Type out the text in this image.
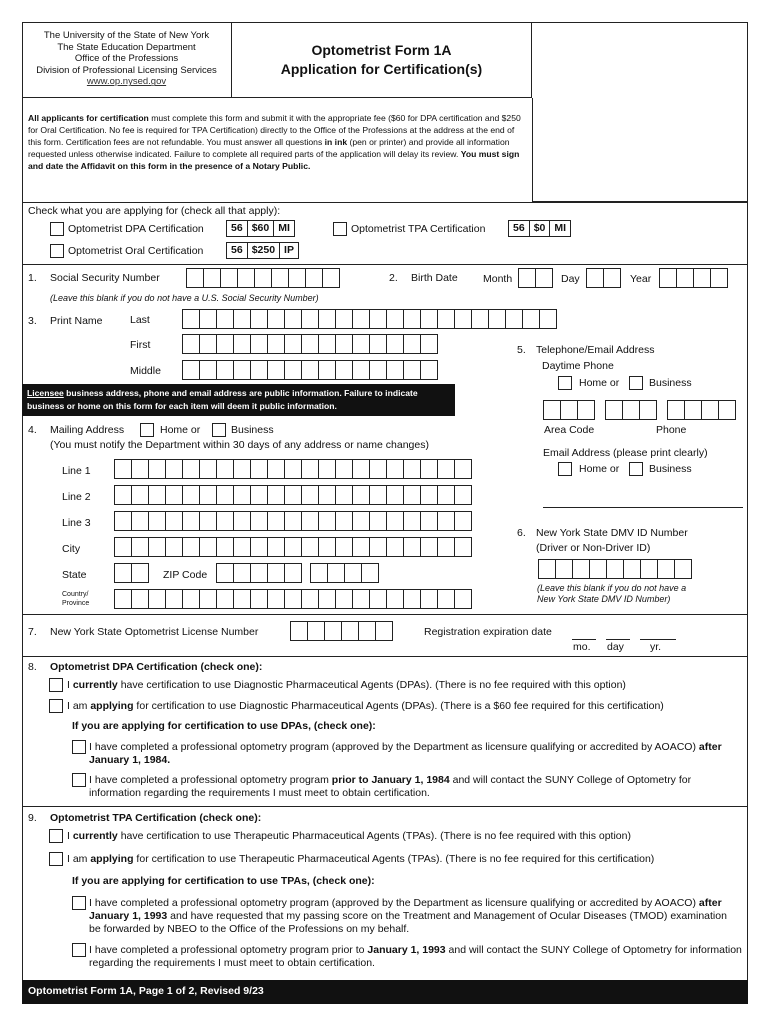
The University of the State of New York
The State Education Department
Office of the Professions
Division of Professional Licensing Services
www.op.nysed.gov
Optometrist Form 1A
Application for Certification(s)
All applicants for certification must complete this form and submit it with the appropriate fee ($60 for DPA certification and $250 for Oral Certification. No fee is required for TPA Certification) directly to the Office of the Professions at the address at the end of this form. Certification fees are not refundable. You must answer all questions in ink (pen or printer) and provide all information requested unless otherwise indicated. Failure to complete all required parts of the application will delay its review. You must sign and date the Affidavit on this form in the presence of a Notary Public.
Check what you are applying for (check all that apply):
Optometrist DPA Certification	56 $60 MI	Optometrist TPA Certification	56 $0 MI
Optometrist Oral Certification	56 $250 IP
1. Social Security Number
(Leave this blank if you do not have a U.S. Social Security Number)
2. Birth Date Month	Day	Year
3. Print Name	Last
First
Middle
Licensee business address, phone and email address are public information. Failure to indicate business or home on this form for each item will deem it public information.
4. Mailing Address	Home or	Business
(You must notify the Department within 30 days of any address or name changes)
Line 1
Line 2
Line 3
City
State	ZIP Code
Country/
Province
5. Telephone/Email Address
Daytime Phone
Home or	Business
Area Code	Phone
Email Address (please print clearly)
Home or	Business
6. New York State DMV ID Number
(Driver or Non-Driver ID)
(Leave this blank if you do not have a
New York State DMV ID Number)
7. New York State Optometrist License Number	Registration expiration date
mo. day yr.
8. Optometrist DPA Certification (check one):
I currently have certification to use Diagnostic Pharmaceutical Agents (DPAs). (There is no fee required with this option)
I am applying for certification to use Diagnostic Pharmaceutical Agents (DPAs). (There is a $60 fee required for this certification)
If you are applying for certification to use DPAs, (check one):
I have completed a professional optometry program (approved by the Department as licensure qualifying or accredited by AOACO) after January 1, 1984.
I have completed a professional optometry program prior to January 1, 1984 and will contact the SUNY College of Optometry for information regarding the requirements I must meet to obtain certification.
9. Optometrist TPA Certification (check one):
I currently have certification to use Therapeutic Pharmaceutical Agents (TPAs). (There is no fee required with this option)
I am applying for certification to use Therapeutic Pharmaceutical Agents (TPAs). (There is no fee required for this certification)
If you are applying for certification to use TPAs, (check one):
I have completed a professional optometry program (approved by the Department as licensure qualifying or accredited by AOACO) after January 1, 1993 and have requested that my passing score on the Treatment and Management of Ocular Diseases (TMOD) examination be forwarded by NBEO to the Office of the Professions on my behalf.
I have completed a professional optometry program prior to January 1, 1993 and will contact the SUNY College of Optometry for information regarding the requirements I must meet to obtain certification.
Optometrist Form 1A, Page 1 of 2, Revised 9/23
